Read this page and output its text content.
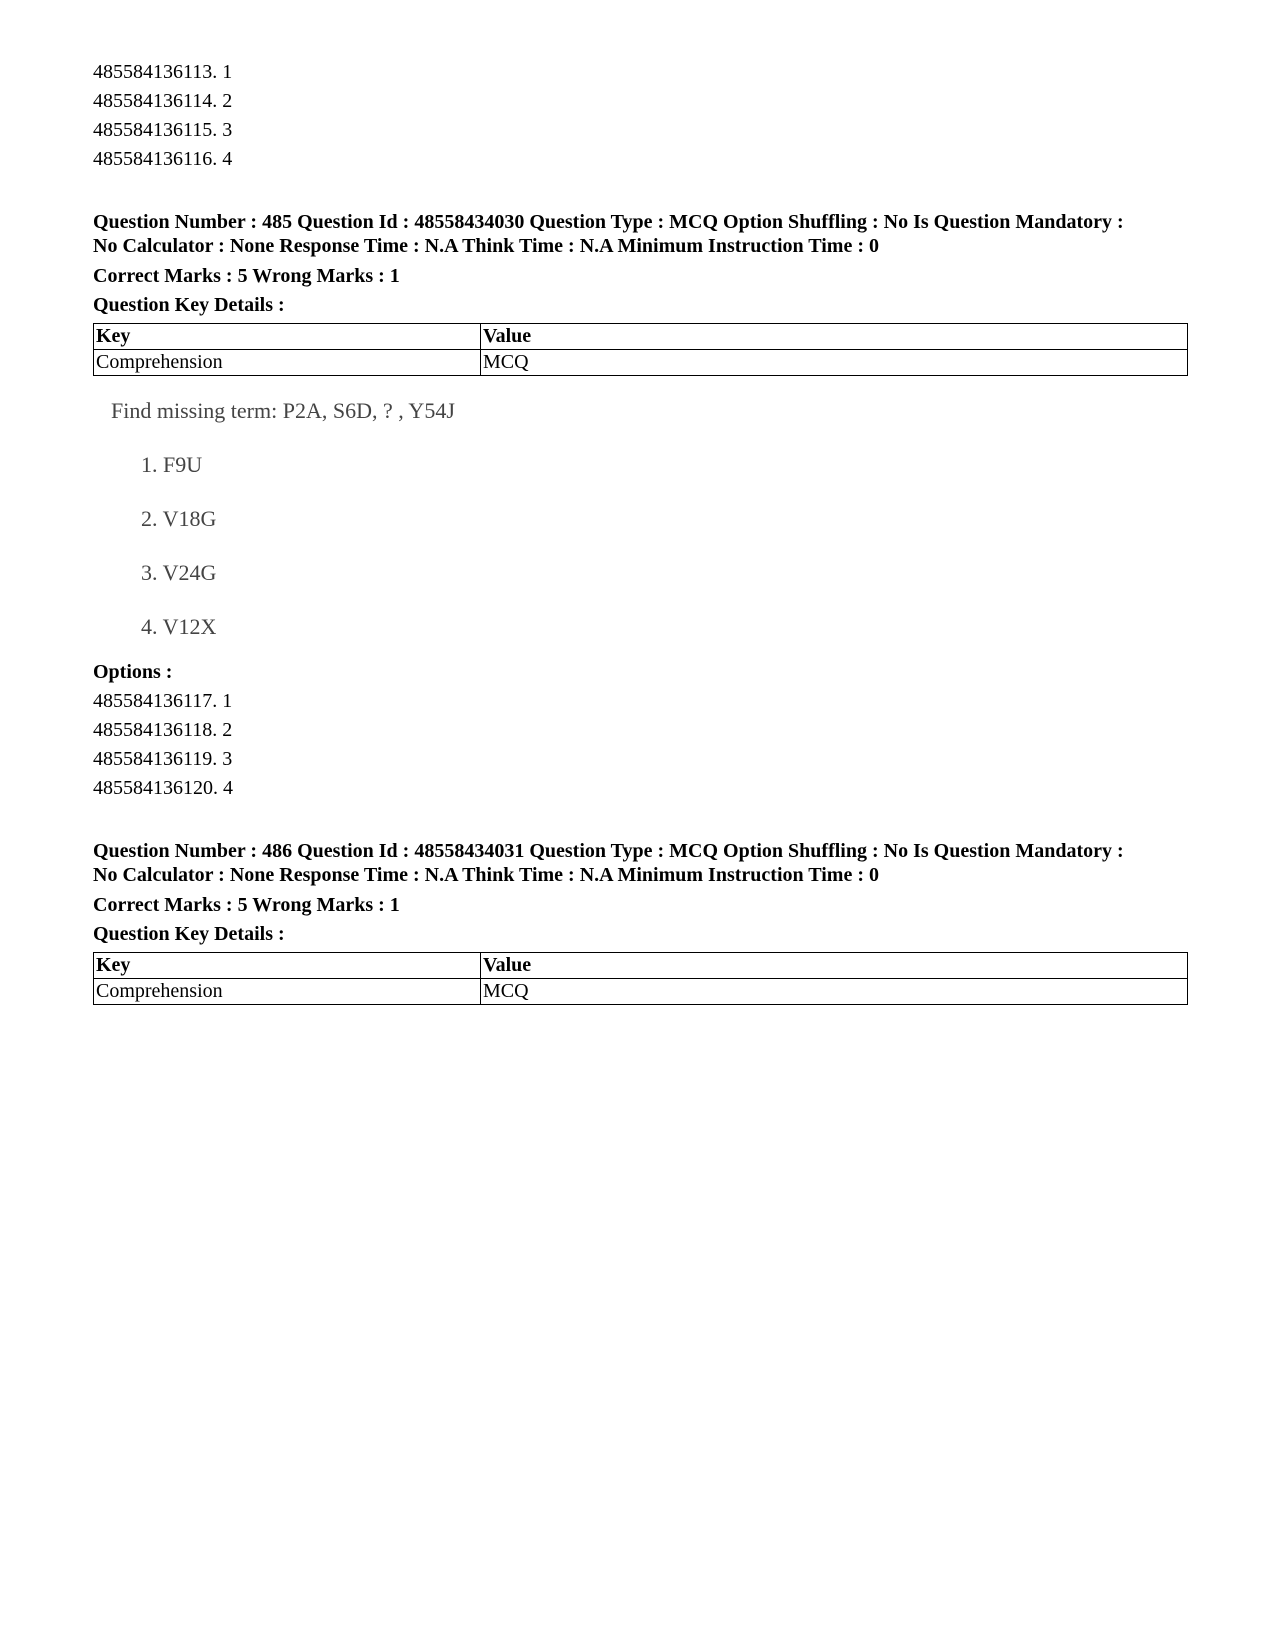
485584136113. 1
485584136114. 2
485584136115. 3
485584136116. 4
Question Number : 485 Question Id : 48558434030 Question Type : MCQ Option Shuffling : No Is Question Mandatory :
No Calculator : None Response Time : N.A Think Time : N.A Minimum Instruction Time : 0
Correct Marks : 5 Wrong Marks : 1
Question Key Details :
Key	Value
Comprehension	MCQ
Find missing term: P2A, S6D, ? , Y54J
1. F9U
2. V18G
3. V24G
4. V12X
Options :
485584136117. 1
485584136118. 2
485584136119. 3
485584136120. 4
Question Number : 486 Question Id : 48558434031 Question Type : MCQ Option Shuffling : No Is Question Mandatory :
No Calculator : None Response Time : N.A Think Time : N.A Minimum Instruction Time : 0
Correct Marks : 5 Wrong Marks : 1
Question Key Details :
Key	Value
Comprehension	MCQ
